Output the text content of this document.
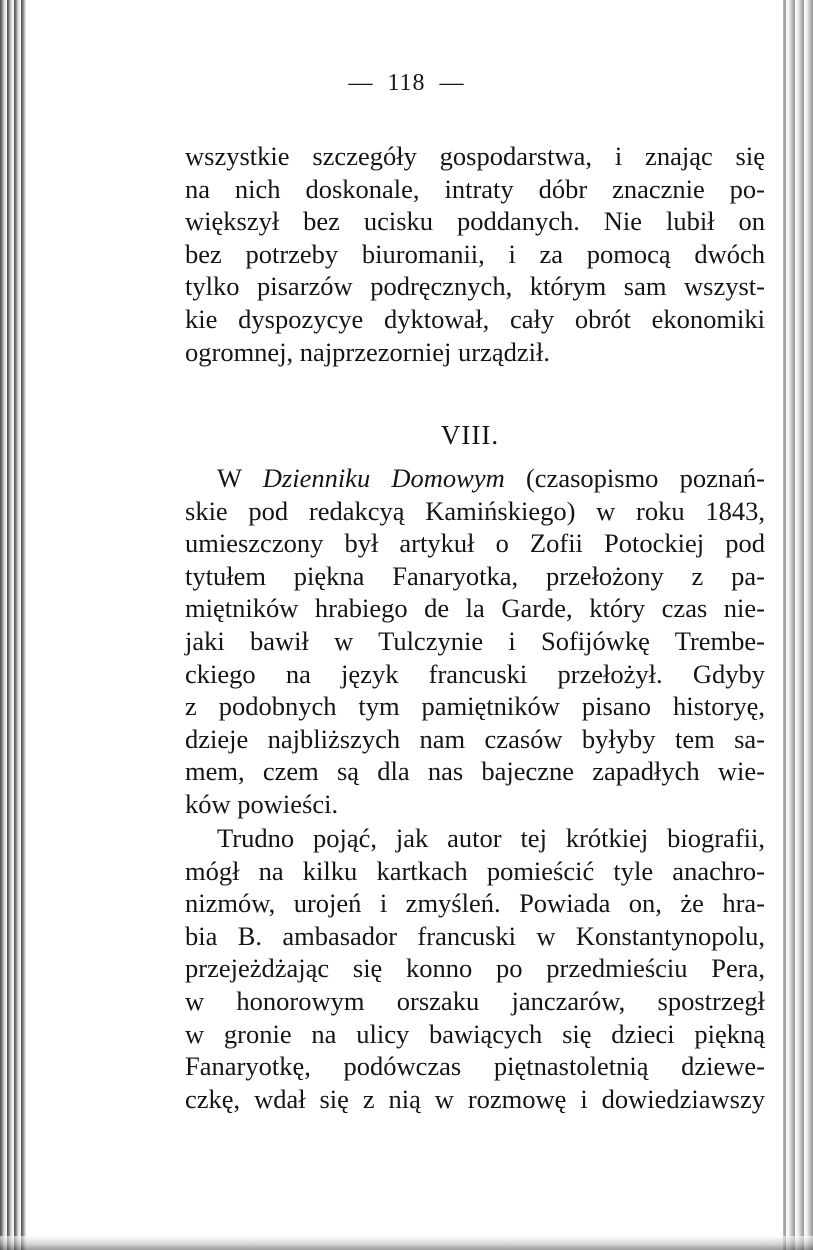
— 118 —
wszystkie szczegóły gospodarstwa, i znając się
na nich doskonale, intraty dóbr znacznie po-
większył bez ucisku poddanych. Nie lubił on
bez potrzeby biuromanii, i za pomocą dwóch
tylko pisarzów podręcznych, którym sam wszyst-
kie dyspozycye dyktował, cały obrót ekonomiki
ogromnej, najprzezorniej urządził.
VIII.
W Dzienniku Domowym (czasopismo poznań-
skie pod redakcyą Kamińskiego) w roku 1843,
umieszczony był artykuł o Zofii Potockiej pod
tytułem piękna Fanaryotka, przełożony z pa-
miętników hrabiego de la Garde, który czas nie-
jaki bawił w Tulczynie i Sofijówkę Trembe-
ckiego na język francuski przełożył. Gdyby
z podobnych tym pamiętników pisano historyę,
dzieje najbliższych nam czasów byłyby tem sa-
mem, czem są dla nas bajeczne zapadłych wie-
ków powieści.
Trudno pojąć, jak autor tej krótkiej biografii,
mógł na kilku kartkach pomieścić tyle anachro-
nizmów, urojeń i zmyśleń. Powiada on, że hra-
bia B. ambasador francuski w Konstantynopolu,
przejeżdżając się konno po przedmieściu Pera,
w honorowym orszaku janczarów, spostrzegł
w gronie na ulicy bawiących się dzieci piękną
Fanaryotkę, podówczas piętnastoletnią dziewe-
czkę, wdał się z nią w rozmowę i dowiedziawszy
